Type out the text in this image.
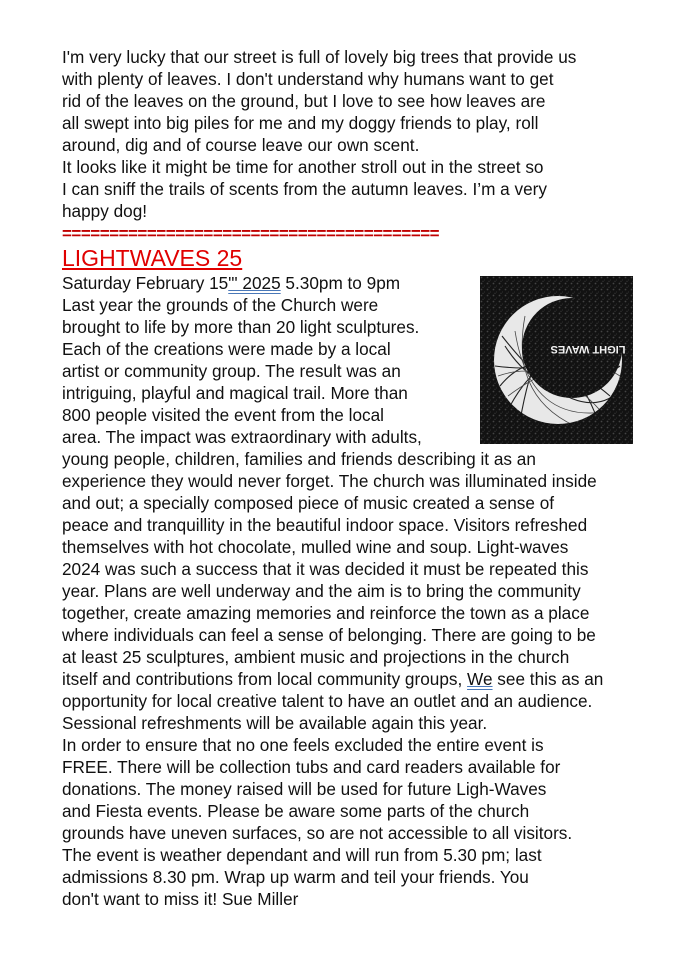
I'm very lucky that our street is full of lovely big trees that provide us
with plenty of leaves. I don't understand why humans want to get
rid of the leaves on the ground, but I love to see how leaves are
all swept into big piles for me and my doggy friends to play, roll
around, dig and of course leave our own scent.
It looks like it might be time for another stroll out in the street so
I can sniff the trails of scents from the autumn leaves. I’m a very
happy dog!
========================================
LIGHTWAVES 25
Saturday February 15"' 2025 5.30pm to 9pm
Last year the grounds of the Church were
brought to life by more than 20 light sculptures.
Each of the creations were made by a local
artist or community group. The result was an
intriguing, playful and magical trail. More than
800 people visited the event from the local
area. The impact was extraordinary with adults,
young people, children, families and friends describing it as an
experience they would never forget. The church was illuminated inside
and out; a specially composed piece of music created a sense of
peace and tranquillity in the beautiful indoor space. Visitors refreshed
themselves with hot chocolate, mulled wine and soup. Light-waves
2024 was such a success that it was decided it must be repeated this
year. Plans are well underway and the aim is to bring the community
together, create amazing memories and reinforce the town as a place
where individuals can feel a sense of belonging. There are going to be
at least 25 sculptures, ambient music and projections in the church
itself and contributions from local community groups, We see this as an
opportunity for local creative talent to have an outlet and an audience.
Sessional refreshments will be available again this year.
In order to ensure that no one feels excluded the entire event is
FREE. There will be collection tubs and card readers available for
donations. The money raised will be used for future Ligh-Waves
and Fiesta events. Please be aware some parts of the church
grounds have uneven surfaces, so are not accessible to all visitors.
The event is weather dependant and will run from 5.30 pm; last
admissions 8.30 pm. Wrap up warm and teil your friends. You
don't want to miss it! Sue Miller
LIGHT WAVES
